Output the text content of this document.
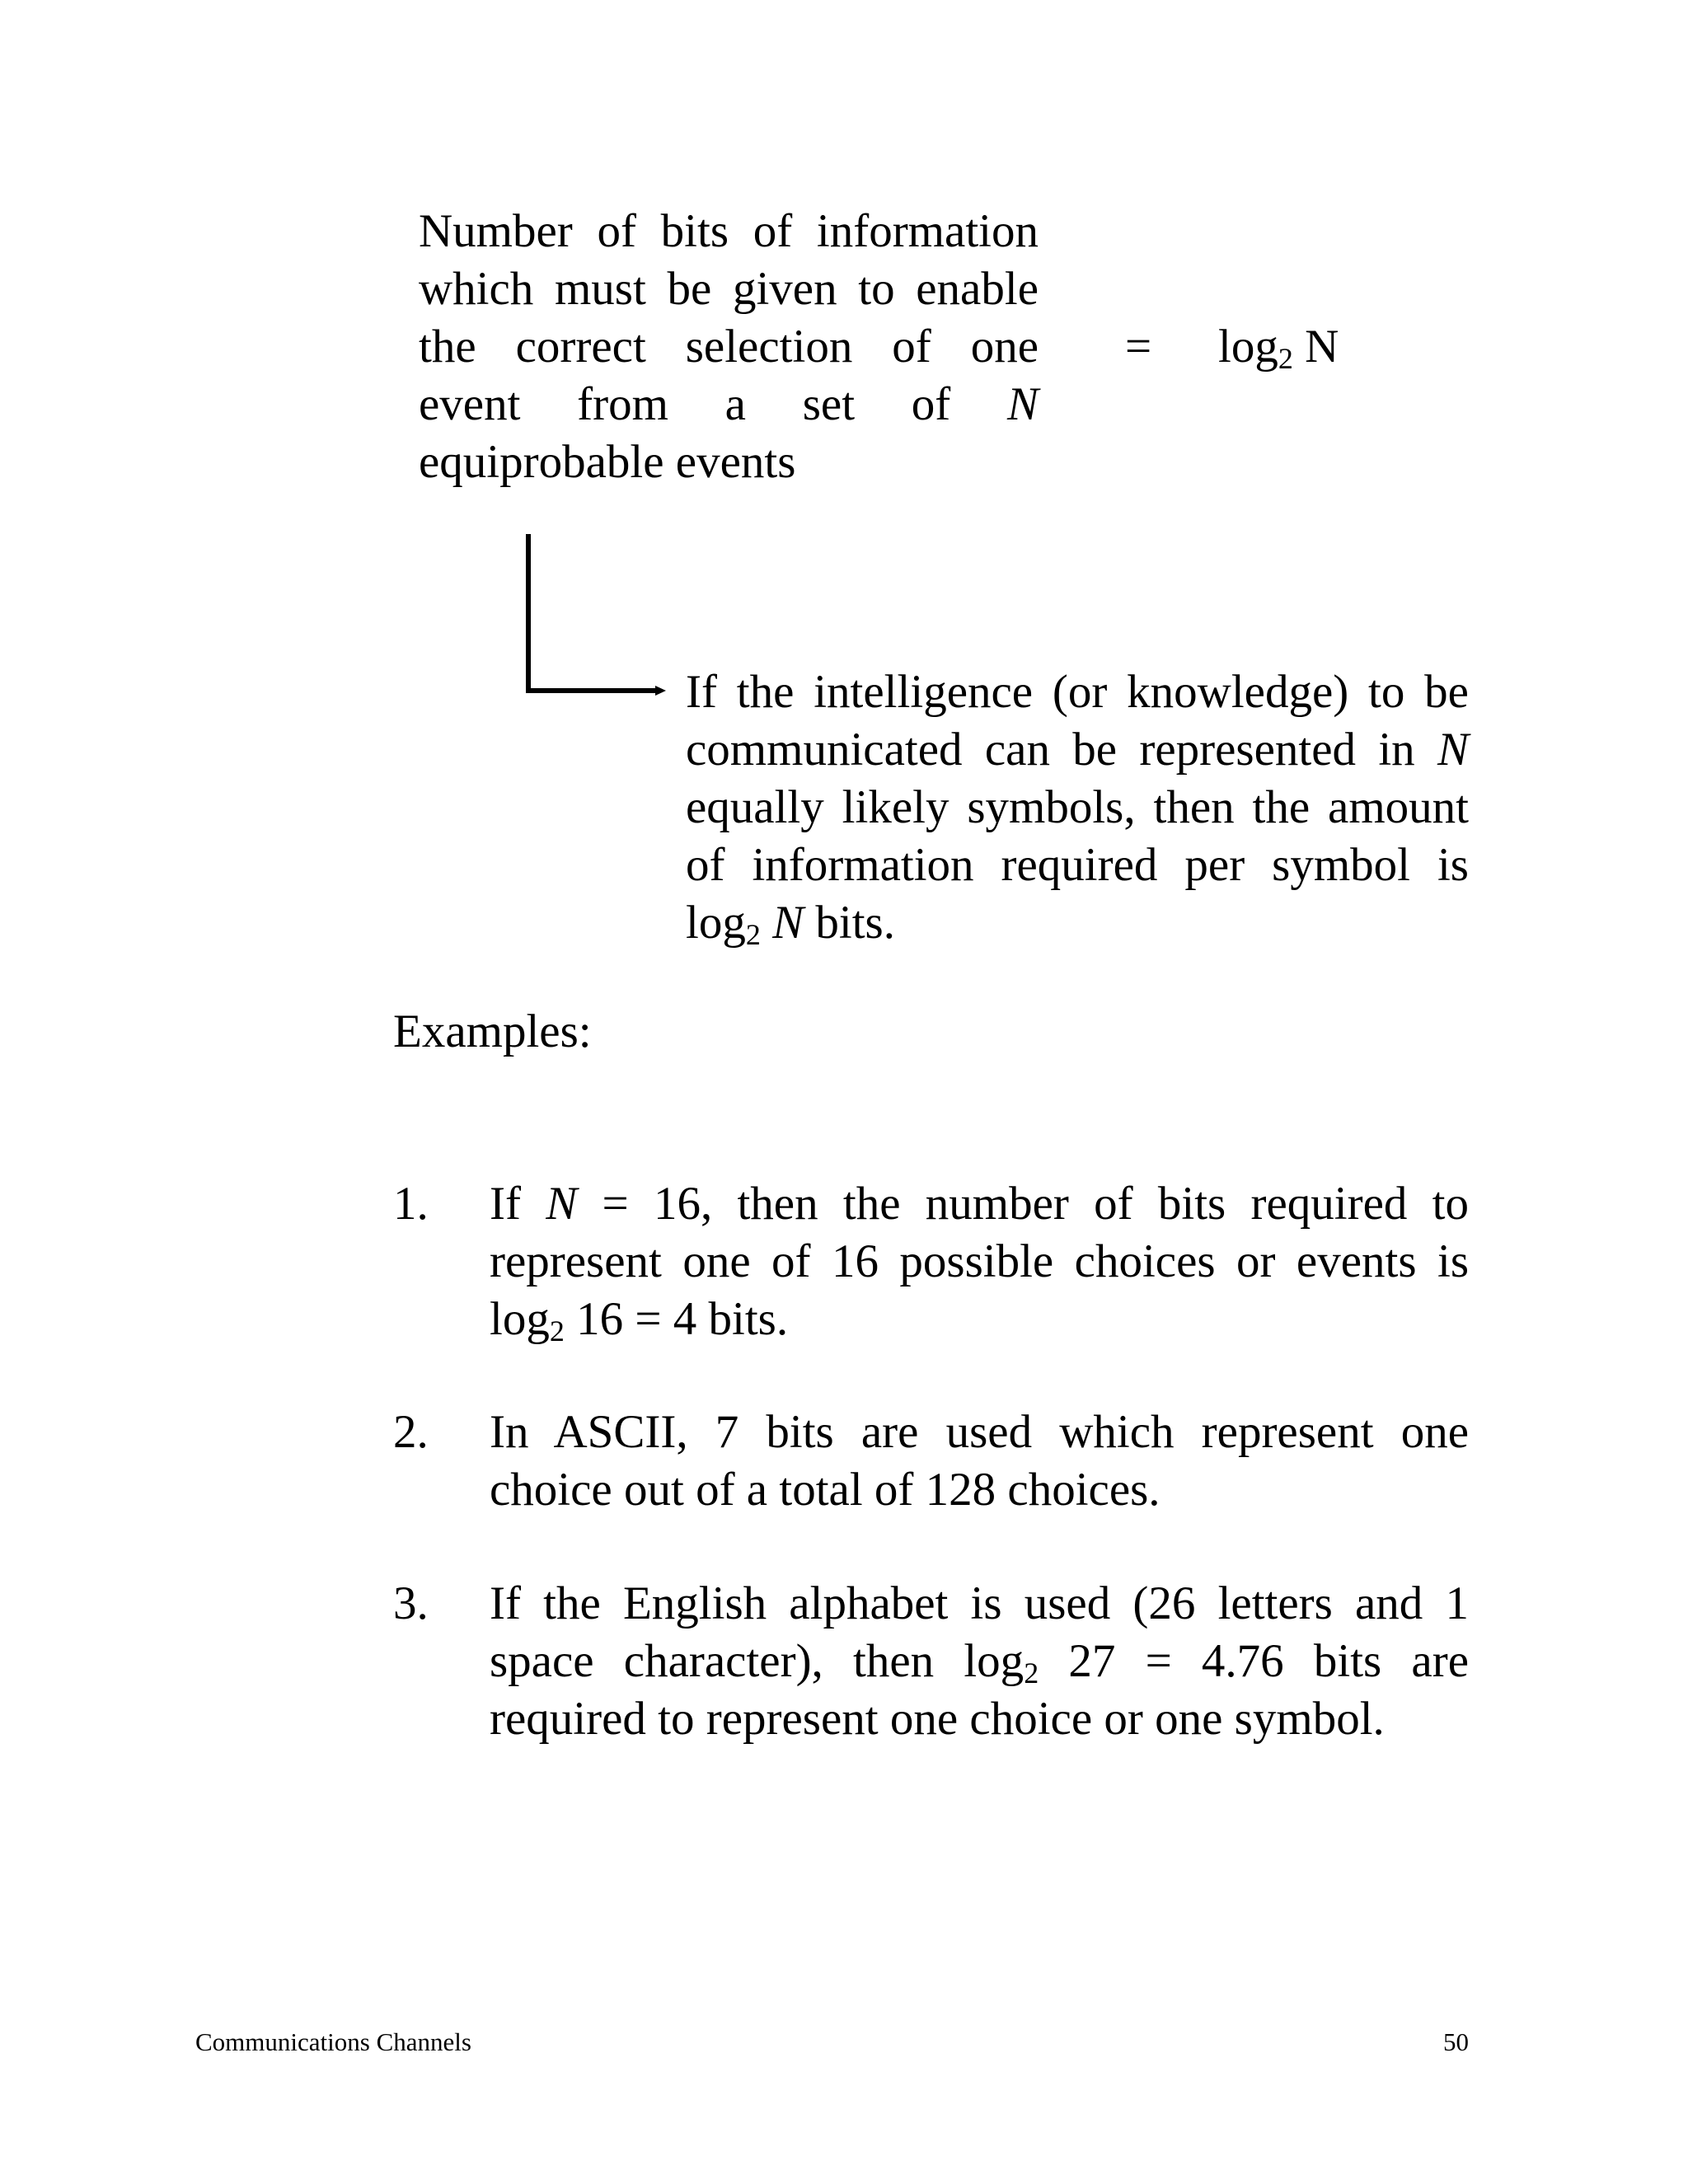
Number of bits of information which must be given to enable the correct selection of one event from a set of N equiprobable events
= $\log_2 N$
If the intelligence (or knowledge) to be communicated can be represented in N equally likely symbols, then the amount of information required per symbol is $\log_2 N$ bits.
Examples:
1. If N = 16, then the number of bits required to represent one of 16 possible choices or events is $\log_2 16 = 4$ bits.
2. In ASCII, 7 bits are used which represent one choice out of a total of 128 choices.
3. If the English alphabet is used (26 letters and 1 space character), then $\log_2 27 = 4.76$ bits are required to represent one choice or one symbol.
Communications Channels	50
